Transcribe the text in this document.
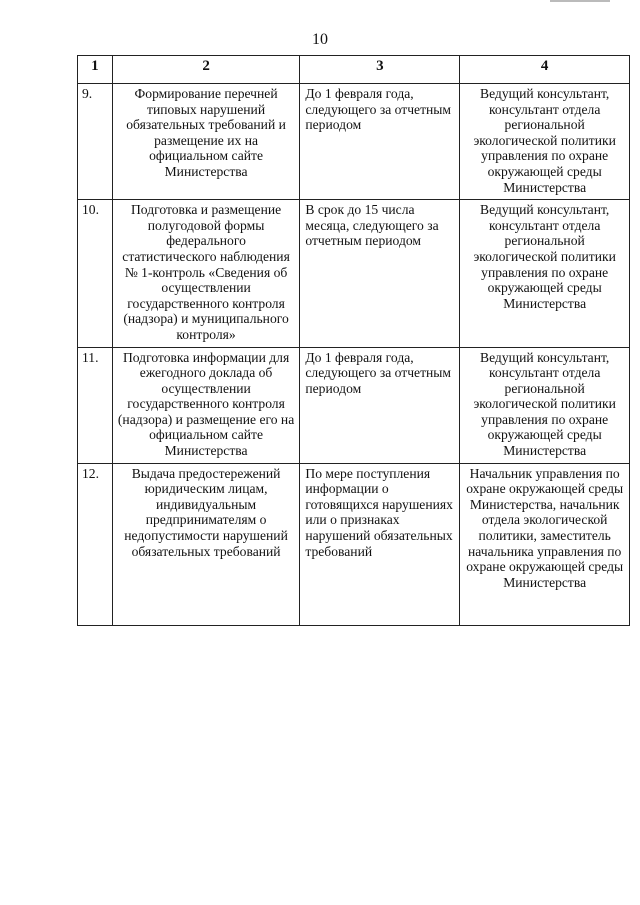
10
1	2	3	4
9.	Формирование перечней типовых нарушений обязательных требований и размещение их на официальном сайте Министерства	До 1 февраля года, следующего за отчетным периодом	Ведущий консультант, консультант отдела региональной экологической политики управления по охране окружающей среды Министерства
10.	Подготовка и размещение полугодовой формы федерального статистического наблюдения № 1-контроль «Сведения об осуществлении государственного контроля (надзора) и муниципального контроля»	В срок до 15 числа месяца, следующего за отчетным периодом	Ведущий консультант, консультант отдела региональной экологической политики управления по охране окружающей среды Министерства
11.	Подготовка информации для ежегодного доклада об осуществлении государственного контроля (надзора) и размещение его на официальном сайте Министерства	До 1 февраля года, следующего за отчетным периодом	Ведущий консультант, консультант отдела региональной экологической политики управления по охране окружающей среды Министерства
12.	Выдача предостережений юридическим лицам, индивидуальным предпринимателям о недопустимости нарушений обязательных требований	По мере поступления информации о готовящихся нарушениях или о признаках нарушений обязательных требований	Начальник управления по охране окружающей среды Министерства, начальник отдела экологической политики, заместитель начальника управления по охране окружающей среды Министерства
